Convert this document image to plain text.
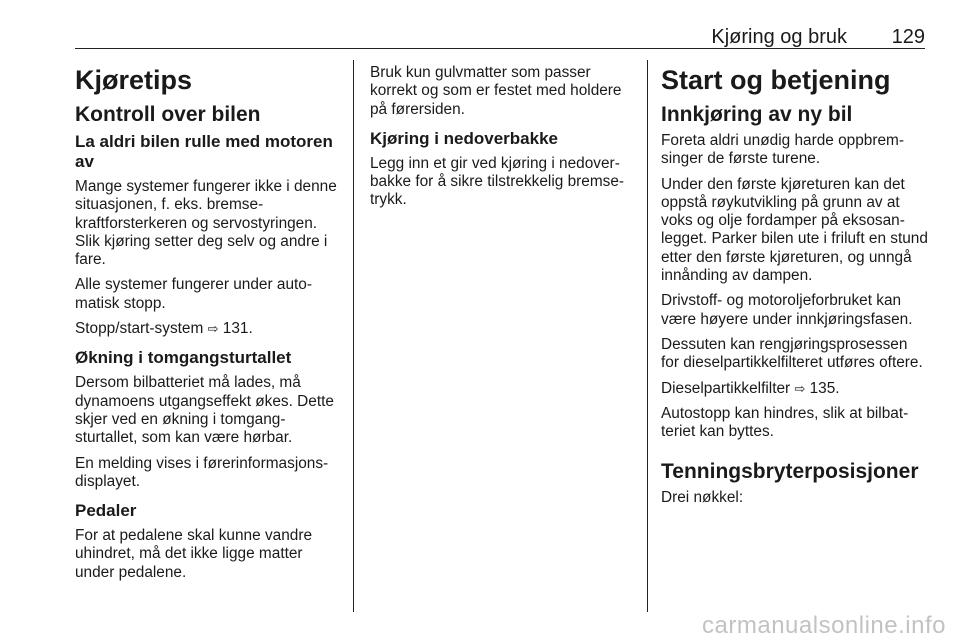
Kjøring og bruk 129
Kjøretips
Kontroll over bilen
La aldri bilen rulle med motoren av

Mange systemer fungerer ikke i denne situasjonen, f. eks. bremsekraftforsterkeren og servostyringen. Slik kjøring setter deg selv og andre i fare.

Alle systemer fungerer under automatisk stopp.

Stopp/start-system ⇨ 131.

Økning i tomgangsturtallet

Dersom bilbatteriet må lades, må dynamoens utgangseffekt økes. Dette skjer ved en økning i tomgangsturtallet, som kan være hørbar.

En melding vises i førerinformasjonsdisplayet.

Pedaler

For at pedalene skal kunne vandre uhindret, må det ikke ligge matter under pedalene.

Bruk kun gulvmatter som passer korrekt og som er festet med holdere på førersiden.

Kjøring i nedoverbakke

Legg inn et gir ved kjøring i nedoverbakke for å sikre tilstrekkelig bremsetrykk.

Start og betjening
Innkjøring av ny bil

Foreta aldri unødig harde oppbremsinger de første turene.

Under den første kjøreturen kan det oppstå røykutvikling på grunn av at voks og olje fordamper på eksosanlegget. Parker bilen ute i friluft en stund etter den første kjøreturen, og unngå innånding av dampen.

Drivstoff- og motoroljeforbruket kan være høyere under innkjøringsfasen.

Dessuten kan rengjøringsprosessen for dieselpartikkelfilteret utføres oftere.

Dieselpartikkelfilter ⇨ 135.

Autostopp kan hindres, slik at bilbatteriet kan byttes.

Tenningsbryterposisjoner

Drei nøkkel:

carmanualsonline.info
